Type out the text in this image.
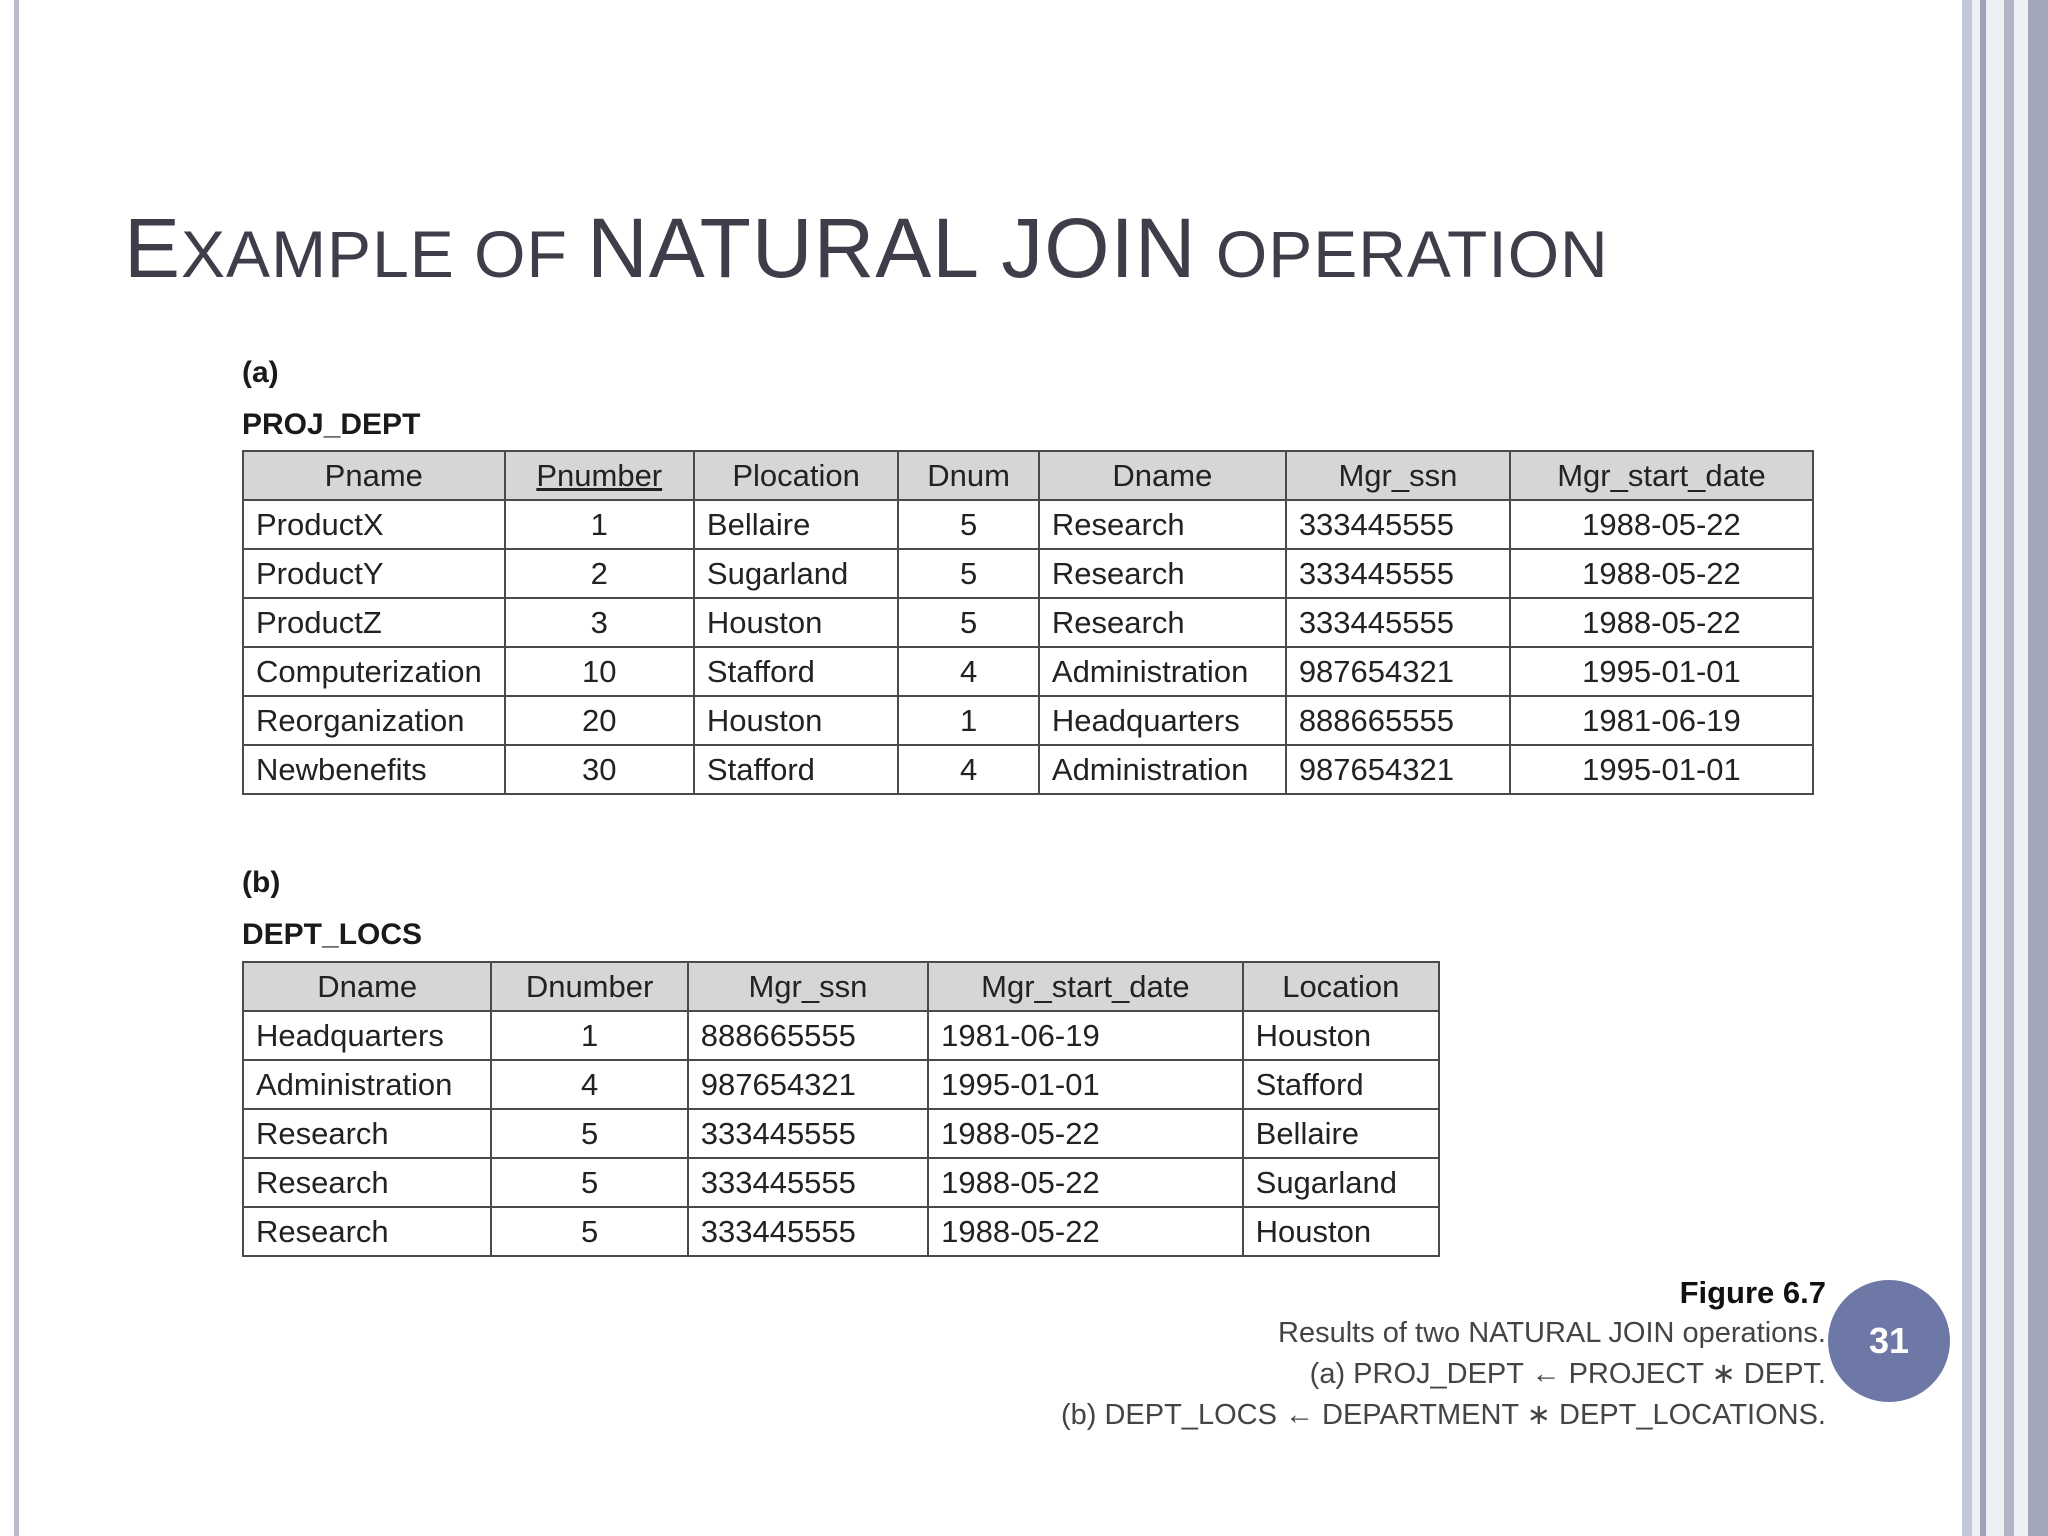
EXAMPLE OF NATURAL JOIN OPERATION
(a)
PROJ_DEPT
Pname	Pnumber	Plocation	Dnum	Dname	Mgr_ssn	Mgr_start_date
ProductX	1	Bellaire	5	Research	333445555	1988-05-22
ProductY	2	Sugarland	5	Research	333445555	1988-05-22
ProductZ	3	Houston	5	Research	333445555	1988-05-22
Computerization	10	Stafford	4	Administration	987654321	1995-01-01
Reorganization	20	Houston	1	Headquarters	888665555	1981-06-19
Newbenefits	30	Stafford	4	Administration	987654321	1995-01-01
(b)
DEPT_LOCS
Dname	Dnumber	Mgr_ssn	Mgr_start_date	Location
Headquarters	1	888665555	1981-06-19	Houston
Administration	4	987654321	1995-01-01	Stafford
Research	5	333445555	1988-05-22	Bellaire
Research	5	333445555	1988-05-22	Sugarland
Research	5	333445555	1988-05-22	Houston
Figure 6.7
Results of two NATURAL JOIN operations.
(a) PROJ_DEPT ← PROJECT ∗ DEPT.
(b) DEPT_LOCS ← DEPARTMENT ∗ DEPT_LOCATIONS.
31
